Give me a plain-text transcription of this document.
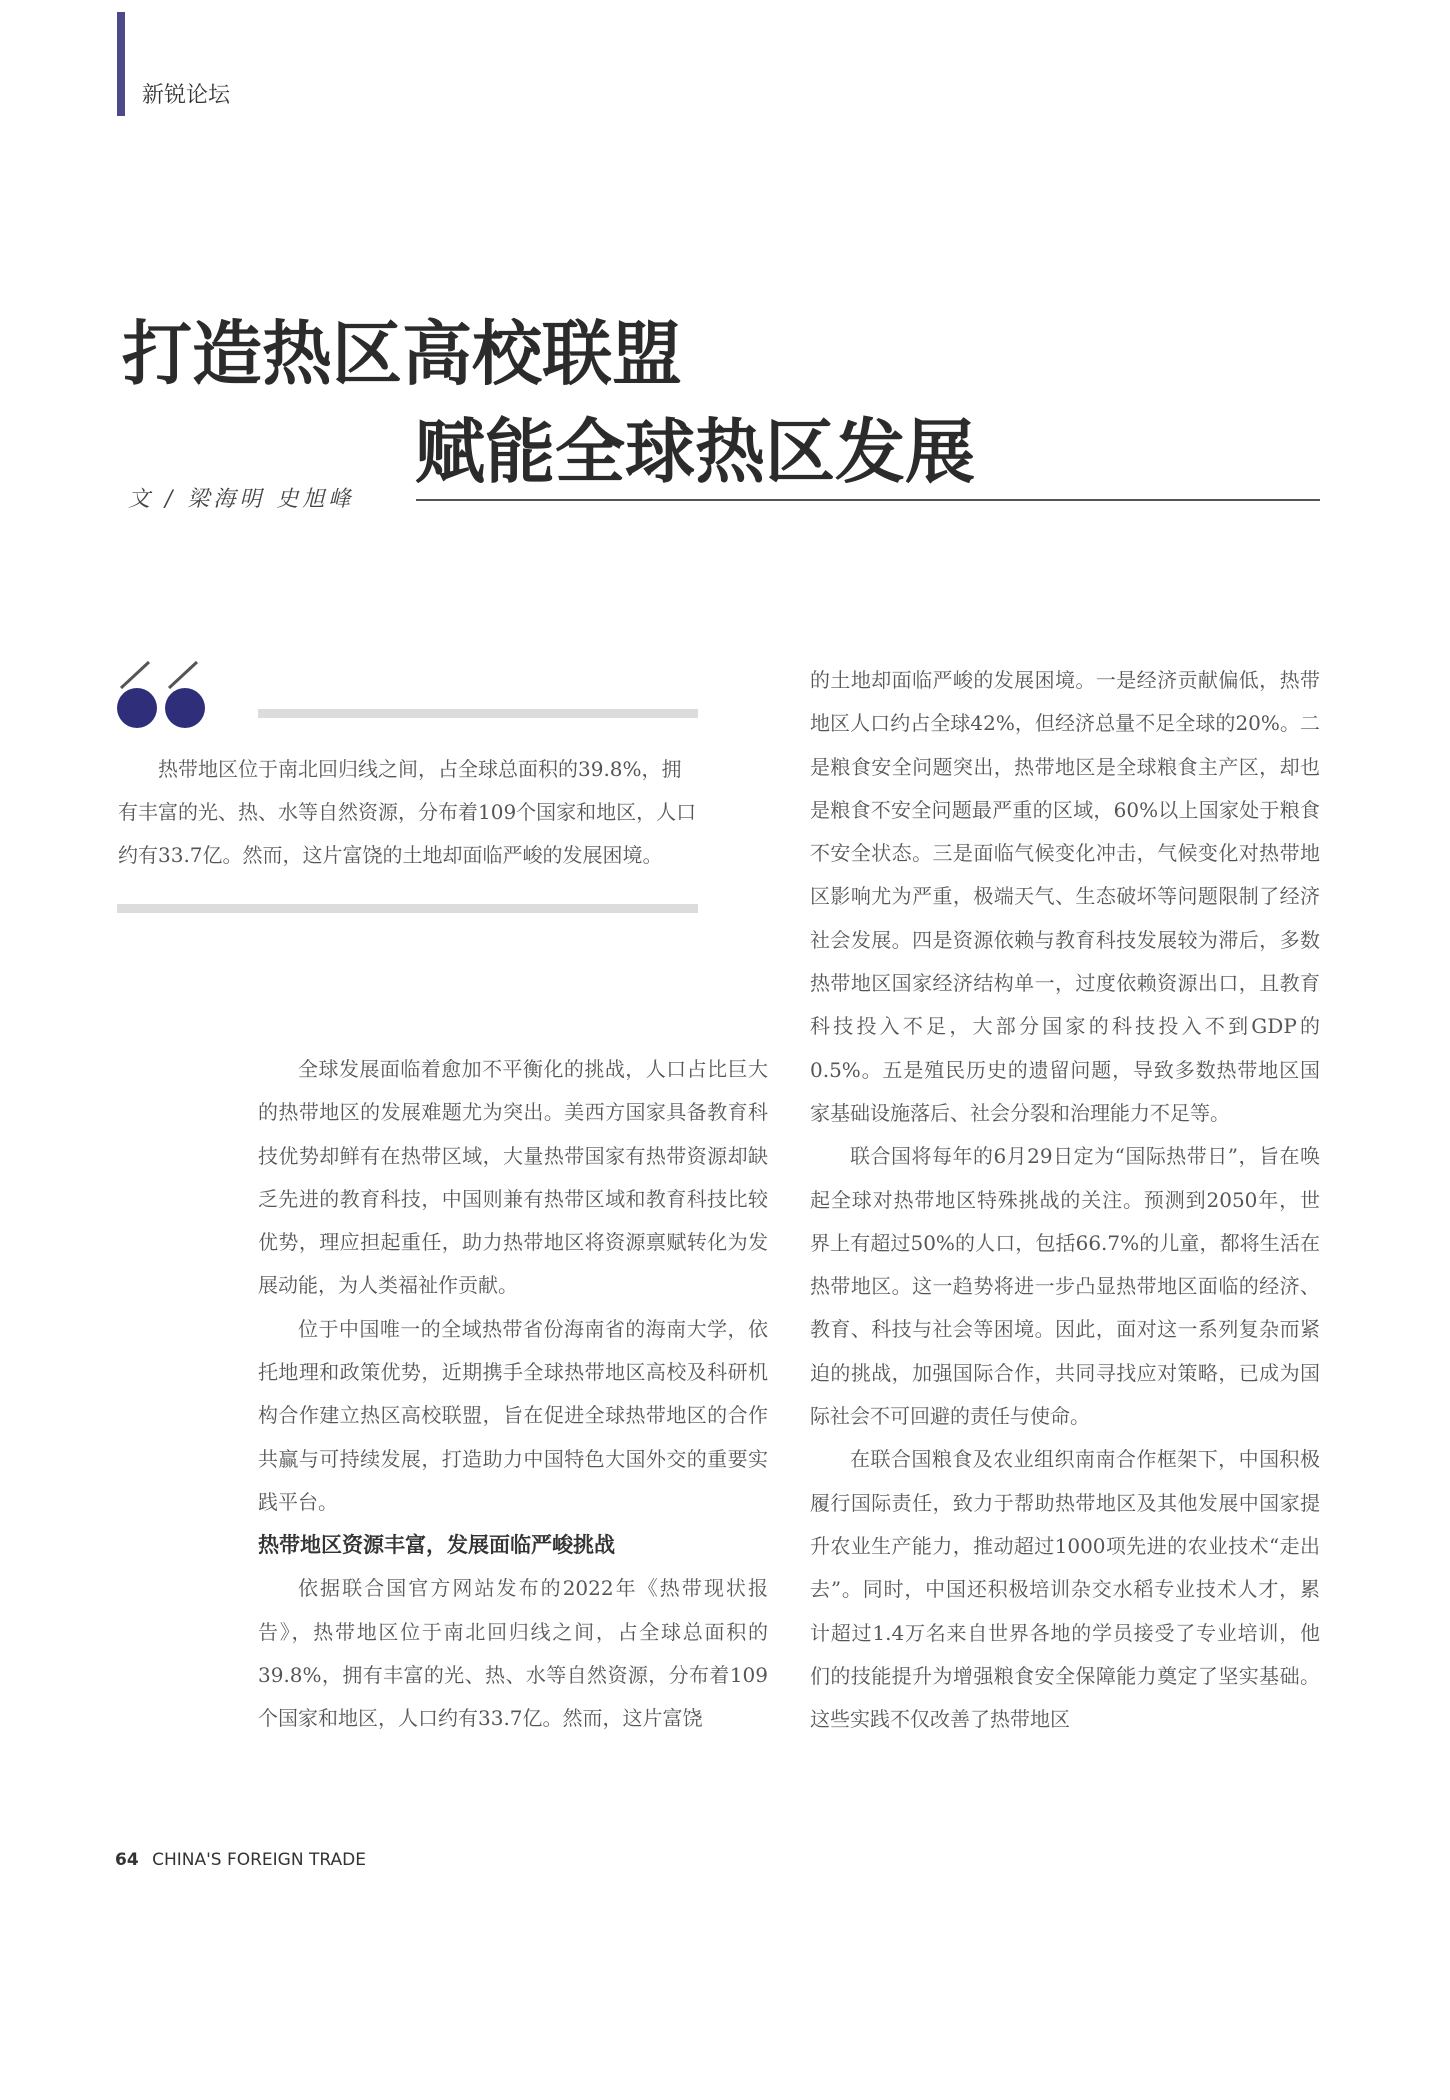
新锐论坛
打造热区高校联盟
赋能全球热区发展
文 / 梁海明 史旭峰

热带地区位于南北回归线之间，占全球总面积的39.8%，拥有丰富的光、热、水等自然资源，分布着109个国家和地区，人口约有33.7亿。然而，这片富饶的土地却面临严峻的发展困境。

全球发展面临着愈加不平衡化的挑战，人口占比巨大的热带地区的发展难题尤为突出。美西方国家具备教育科技优势却鲜有在热带区域，大量热带国家有热带资源却缺乏先进的教育科技，中国则兼有热带区域和教育科技比较优势，理应担起重任，助力热带地区将资源禀赋转化为发展动能，为人类福祉作贡献。

位于中国唯一的全域热带省份海南省的海南大学，依托地理和政策优势，近期携手全球热带地区高校及科研机构合作建立热区高校联盟，旨在促进全球热带地区的合作共赢与可持续发展，打造助力中国特色大国外交的重要实践平台。

热带地区资源丰富，发展面临严峻挑战

依据联合国官方网站发布的2022年《热带现状报告》，热带地区位于南北回归线之间，占全球总面积的39.8%，拥有丰富的光、热、水等自然资源，分布着109个国家和地区，人口约有33.7亿。然而，这片富饶

的土地却面临严峻的发展困境。一是经济贡献偏低，热带地区人口约占全球42%，但经济总量不足全球的20%。二是粮食安全问题突出，热带地区是全球粮食主产区，却也是粮食不安全问题最严重的区域，60%以上国家处于粮食不安全状态。三是面临气候变化冲击，气候变化对热带地区影响尤为严重，极端天气、生态破坏等问题限制了经济社会发展。四是资源依赖与教育科技发展较为滞后，多数热带地区国家经济结构单一，过度依赖资源出口，且教育科技投入不足，大部分国家的科技投入不到GDP的0.5%。五是殖民历史的遗留问题，导致多数热带地区国家基础设施落后、社会分裂和治理能力不足等。

联合国将每年的6月29日定为“国际热带日”，旨在唤起全球对热带地区特殊挑战的关注。预测到2050年，世界上有超过50%的人口，包括66.7%的儿童，都将生活在热带地区。这一趋势将进一步凸显热带地区面临的经济、教育、科技与社会等困境。因此，面对这一系列复杂而紧迫的挑战，加强国际合作，共同寻找应对策略，已成为国际社会不可回避的责任与使命。

在联合国粮食及农业组织南南合作框架下，中国积极履行国际责任，致力于帮助热带地区及其他发展中国家提升农业生产能力，推动超过1000项先进的农业技术“走出去”。同时，中国还积极培训杂交水稻专业技术人才，累计超过1.4万名来自世界各地的学员接受了专业培训，他们的技能提升为增强粮食安全保障能力奠定了坚实基础。这些实践不仅改善了热带地区

64 CHINA'S FOREIGN TRADE
